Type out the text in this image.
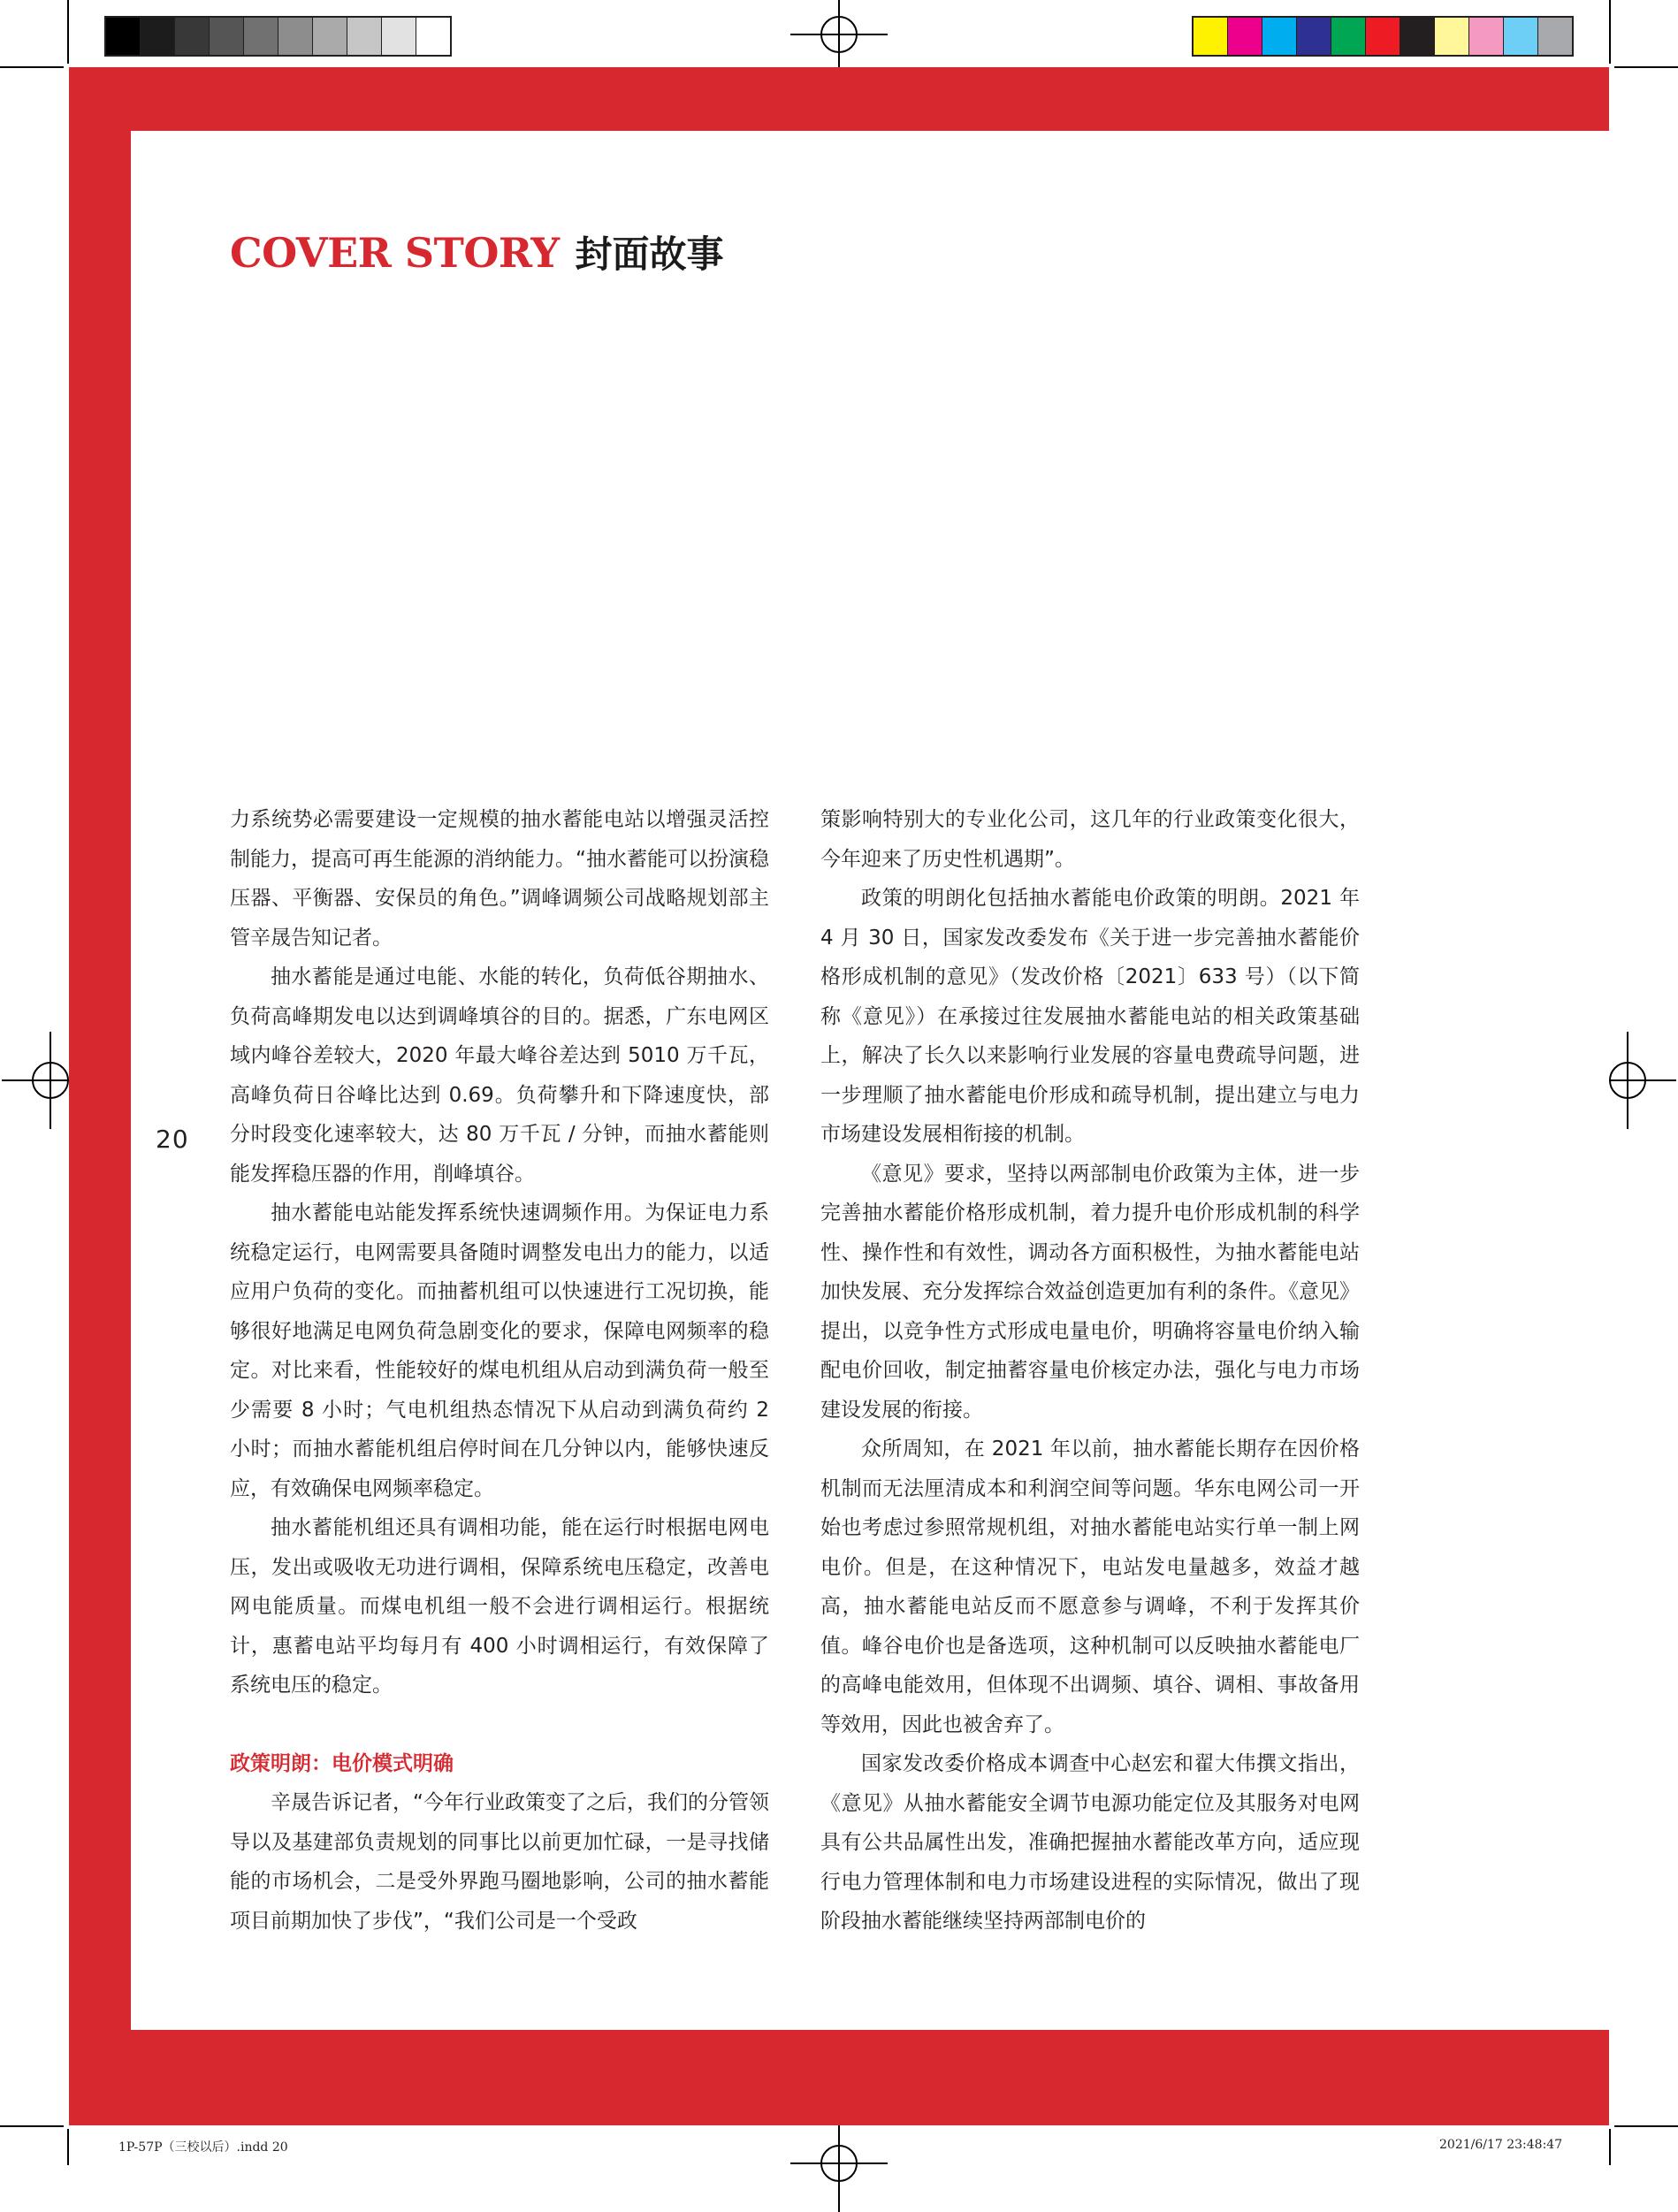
COVER STORY 封面故事
20

力系统势必需要建设一定规模的抽水蓄能电站以增强灵活控制能力，提高可再生能源的消纳能力。“抽水蓄能可以扮演稳压器、平衡器、安保员的角色。”调峰调频公司战略规划部主管辛晟告知记者。

抽水蓄能是通过电能、水能的转化，负荷低谷期抽水、负荷高峰期发电以达到调峰填谷的目的。据悉，广东电网区域内峰谷差较大，2020 年最大峰谷差达到 5010 万千瓦，高峰负荷日谷峰比达到 0.69。负荷攀升和下降速度快，部分时段变化速率较大，达 80 万千瓦 / 分钟，而抽水蓄能则能发挥稳压器的作用，削峰填谷。

抽水蓄能电站能发挥系统快速调频作用。为保证电力系统稳定运行，电网需要具备随时调整发电出力的能力，以适应用户负荷的变化。而抽蓄机组可以快速进行工况切换，能够很好地满足电网负荷急剧变化的要求，保障电网频率的稳定。对比来看，性能较好的煤电机组从启动到满负荷一般至少需要 8 小时；气电机组热态情况下从启动到满负荷约 2 小时；而抽水蓄能机组启停时间在几分钟以内，能够快速反应，有效确保电网频率稳定。

抽水蓄能机组还具有调相功能，能在运行时根据电网电压，发出或吸收无功进行调相，保障系统电压稳定，改善电网电能质量。而煤电机组一般不会进行调相运行。根据统计，惠蓄电站平均每月有 400 小时调相运行，有效保障了系统电压的稳定。

政策明朗：电价模式明确

辛晟告诉记者，“今年行业政策变了之后，我们的分管领导以及基建部负责规划的同事比以前更加忙碌，一是寻找储能的市场机会，二是受外界跑马圈地影响，公司的抽水蓄能项目前期加快了步伐”，“我们公司是一个受政

策影响特别大的专业化公司，这几年的行业政策变化很大，今年迎来了历史性机遇期”。

政策的明朗化包括抽水蓄能电价政策的明朗。2021 年 4 月 30 日，国家发改委发布《关于进一步完善抽水蓄能价格形成机制的意见》（发改价格〔2021〕633 号）（以下简称《意见》）在承接过往发展抽水蓄能电站的相关政策基础上，解决了长久以来影响行业发展的容量电费疏导问题，进一步理顺了抽水蓄能电价形成和疏导机制，提出建立与电力市场建设发展相衔接的机制。

《意见》要求，坚持以两部制电价政策为主体，进一步完善抽水蓄能价格形成机制，着力提升电价形成机制的科学性、操作性和有效性，调动各方面积极性，为抽水蓄能电站加快发展、充分发挥综合效益创造更加有利的条件。《意见》提出，以竞争性方式形成电量电价，明确将容量电价纳入输配电价回收，制定抽蓄容量电价核定办法，强化与电力市场建设发展的衔接。

众所周知，在 2021 年以前，抽水蓄能长期存在因价格机制而无法厘清成本和利润空间等问题。华东电网公司一开始也考虑过参照常规机组，对抽水蓄能电站实行单一制上网电价。但是，在这种情况下，电站发电量越多，效益才越高，抽水蓄能电站反而不愿意参与调峰，不利于发挥其价值。峰谷电价也是备选项，这种机制可以反映抽水蓄能电厂的高峰电能效用，但体现不出调频、填谷、调相、事故备用等效用，因此也被舍弃了。

国家发改委价格成本调查中心赵宏和翟大伟撰文指出，《意见》从抽水蓄能安全调节电源功能定位及其服务对电网具有公共品属性出发，准确把握抽水蓄能改革方向，适应现行电力管理体制和电力市场建设进程的实际情况，做出了现阶段抽水蓄能继续坚持两部制电价的

1P-57P（三校以后）.indd 20	2021/6/17 23:48:47
